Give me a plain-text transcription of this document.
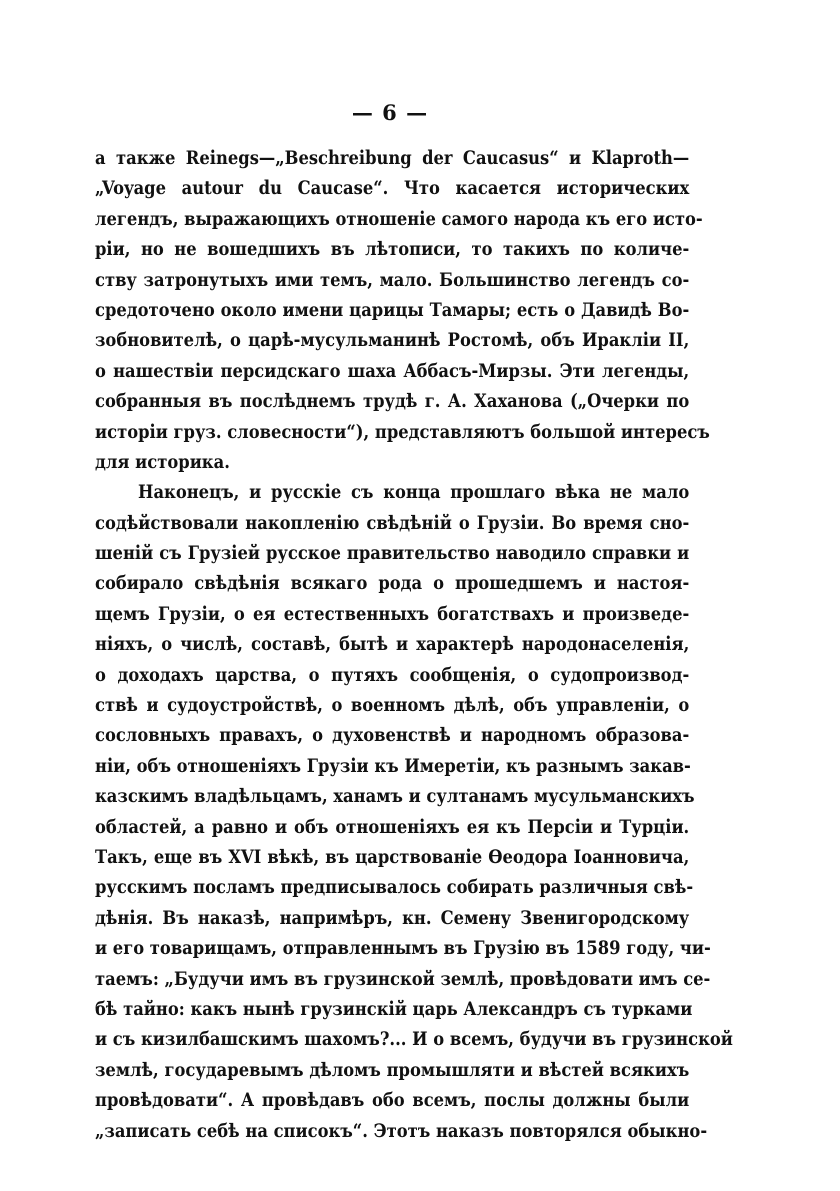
— 6 —
а также Reinegs—„Beschreibung der Caucasus“ и Klaproth—
„Voyage autour du Caucase“. Что касается исторических
легендъ, выражающихъ отношеніе самого народа къ его исто-
ріи, но не вошедшихъ въ лѣтописи, то такихъ по количе-
ству затронутыхъ ими темъ, мало. Большинство легендъ со-
средоточено около имени царицы Тамары; есть о Давидѣ Во-
зобновителѣ, о царѣ-мусульманинѣ Ростомѣ, объ Ираклiи II,
о нашествіи персидскаго шаха Аббасъ-Мирзы. Эти легенды,
собранныя въ послѣднемъ трудѣ г. А. Хаханова („Очерки по
исторіи груз. словесности“), представляютъ большой интересъ
для историка.
Наконецъ, и русскіе съ конца прошлаго вѣка не мало
содѣйствовали накопленію свѣдѣній о Грузіи. Во время сно-
шеній съ Грузіей русское правительство наводило справки и
собирало свѣдѣнія всякаго рода о прошедшемъ и настоя-
щемъ Грузіи, о ея естественныхъ богатствахъ и произведе-
ніяхъ, о числѣ, составѣ, бытѣ и характерѣ народонаселенія,
о доходахъ царства, о путяхъ сообщенія, о судопроизвод-
ствѣ и судоустройствѣ, о военномъ дѣлѣ, объ управленіи, о
сословныхъ правахъ, о духовенствѣ и народномъ образова-
ніи, объ отношеніяхъ Грузіи къ Имеретіи, къ разнымъ закав-
казскимъ владѣльцамъ, ханамъ и султанамъ мусульманскихъ
областей, а равно и объ отношеніяхъ ея къ Персіи и Турціи.
Такъ, еще въ XVI вѣкѣ, въ царствованіе Ѳеодора Іоанновича,
русскимъ посламъ предписывалось собирать различныя свѣ-
дѣнія. Въ наказѣ, напримѣръ, кн. Семену Звенигородскому
и его товарищамъ, отправленнымъ въ Грузію въ 1589 году, чи-
таемъ: „Будучи имъ въ грузинской землѣ, провѣдовати имъ се-
бѣ тайно: какъ нынѣ грузинскій царь Александръ съ турками
и съ кизилбашскимъ шахомъ?... И о всемъ, будучи въ грузинской
землѣ, государевымъ дѣломъ промышляти и вѣстей всякихъ
провѣдовати“. А провѣдавъ обо всемъ, послы должны были
„записать себѣ на списокъ“. Этотъ наказъ повторялся обыкно-
